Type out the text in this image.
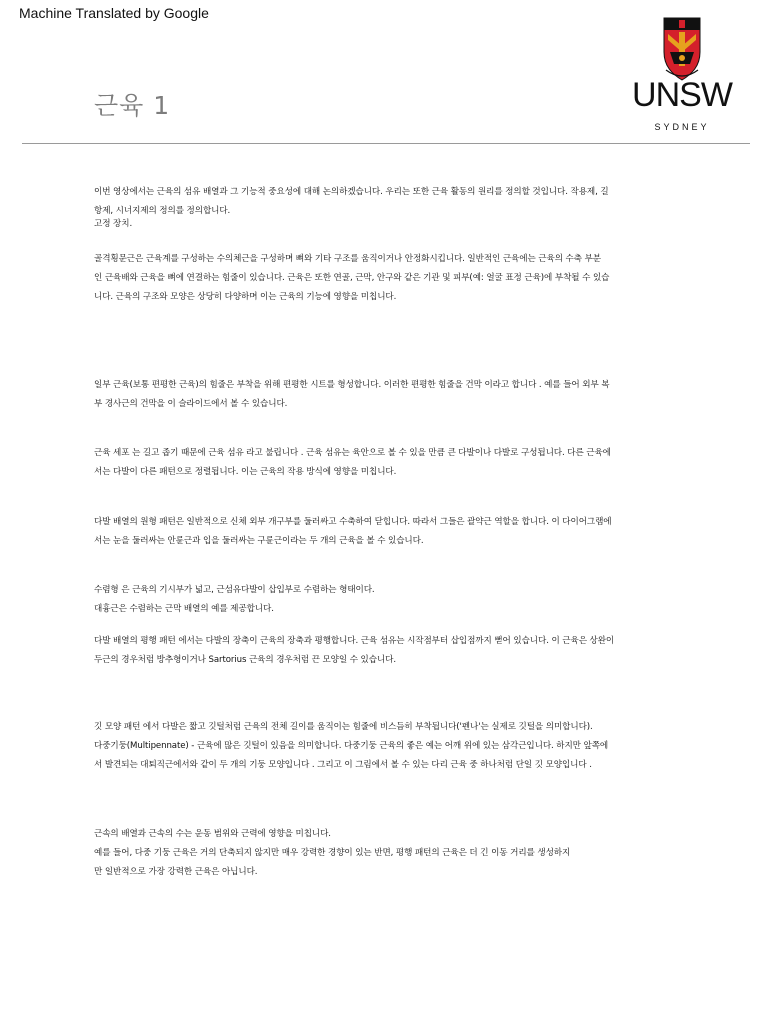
Machine Translated by Google
근육 1	UNSW
SYDNEY
이번 영상에서는 근육의 섬유 배열과 그 기능적 중요성에 대해 논의하겠습니다. 우리는 또한 근육 활동의 원리를 정의할 것입니다. 작용제, 길
항제, 시너지제의 정의를 정의합니다.
고정 장치.
골격횡문근은 근육계를 구성하는 수의체근을 구성하며 뼈와 기타 구조를 움직이거나 안정화시킵니다. 일반적인 근육에는 근육의 수축 부분
인 근육배와 근육을 뼈에 연결하는 힘줄이 있습니다. 근육은 또한 연골, 근막, 안구와 같은 기관 및 피부(예: 얼굴 표정 근육)에 부착될 수 있습
니다. 근육의 구조와 모양은 상당히 다양하며 이는 근육의 기능에 영향을 미칩니다.
일부 근육(보통 편평한 근육)의 힘줄은 부착을 위해 편평한 시트를 형성합니다. 이러한 편평한 힘줄을 건막 이라고 합니다 . 예를 들어 외부 복
부 경사근의 건막을 이 슬라이드에서 볼 수 있습니다.
근육 세포 는 길고 좁기 때문에 근육 섬유 라고 불립니다 . 근육 섬유는 육안으로 볼 수 있을 만큼 큰 다발이나 다발로 구성됩니다. 다른 근육에
서는 다발이 다른 패턴으로 정렬됩니다. 이는 근육의 작용 방식에 영향을 미칩니다.
다발 배열의 원형 패턴은 일반적으로 신체 외부 개구부를 둘러싸고 수축하여 닫힙니다. 따라서 그들은 괄약근 역할을 합니다. 이 다이어그램에
서는 눈을 둘러싸는 안륜근과 입을 둘러싸는 구륜근이라는 두 개의 근육을 볼 수 있습니다.
수렴형 은 근육의 기시부가 넓고, 근섬유다발이 삽입부로 수렴하는 형태이다.
대흉근은 수렴하는 근막 배열의 예를 제공합니다.
다발 배열의 평행 패턴 에서는 다발의 장축이 근육의 장축과 평행합니다. 근육 섬유는 시작점부터 삽입점까지 뻗어 있습니다. 이 근육은 상완이
두근의 경우처럼 방추형이거나 Sartorius 근육의 경우처럼 끈 모양일 수 있습니다.
깃 모양 패턴 에서 다발은 짧고 깃털처럼 근육의 전체 길이를 움직이는 힘줄에 비스듬히 부착됩니다('펜나'는 실제로 깃털을 의미합니다).
다중기둥(Multipennate) - 근육에 많은 깃털이 있음을 의미합니다. 다중기둥 근육의 좋은 예는 어깨 위에 있는 삼각근입니다. 하지만 앞쪽에
서 발견되는 대퇴직근에서와 같이 두 개의 기둥 모양입니다 . 그리고 이 그림에서 볼 수 있는 다리 근육 중 하나처럼 단일 깃 모양입니다 .
근속의 배열과 근속의 수는 운동 범위와 근력에 영향을 미칩니다.
예를 들어, 다중 기둥 근육은 거의 단축되지 않지만 매우 강력한 경향이 있는 반면, 평행 패턴의 근육은 더 긴 이동 거리를 생성하지
만 일반적으로 가장 강력한 근육은 아닙니다.
